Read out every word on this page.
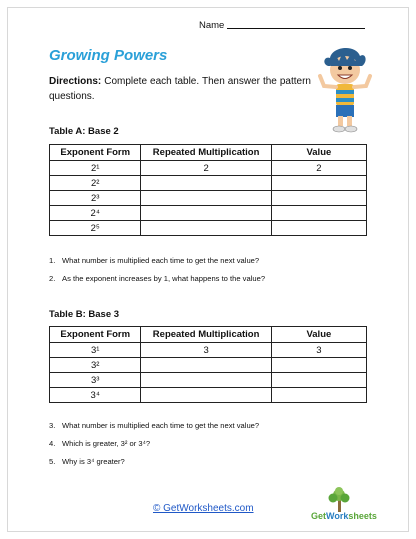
Name
Growing Powers
Directions: Complete each table. Then answer the pattern questions.
Table A: Base 2
Exponent Form	Repeated Multiplication	Value
2¹	2	2
2²		
2³		
2⁴		
2⁵		
1. What number is multiplied each time to get the next value?
2. As the exponent increases by 1, what happens to the value?
Table B: Base 3
Exponent Form	Repeated Multiplication	Value
3¹	3	3
3²		
3³		
3⁴		
3. What number is multiplied each time to get the next value?
4. Which is greater, 3² or 3⁴?
5. Why is 3⁴ greater?
© GetWorksheets.com
GetWorksheets
